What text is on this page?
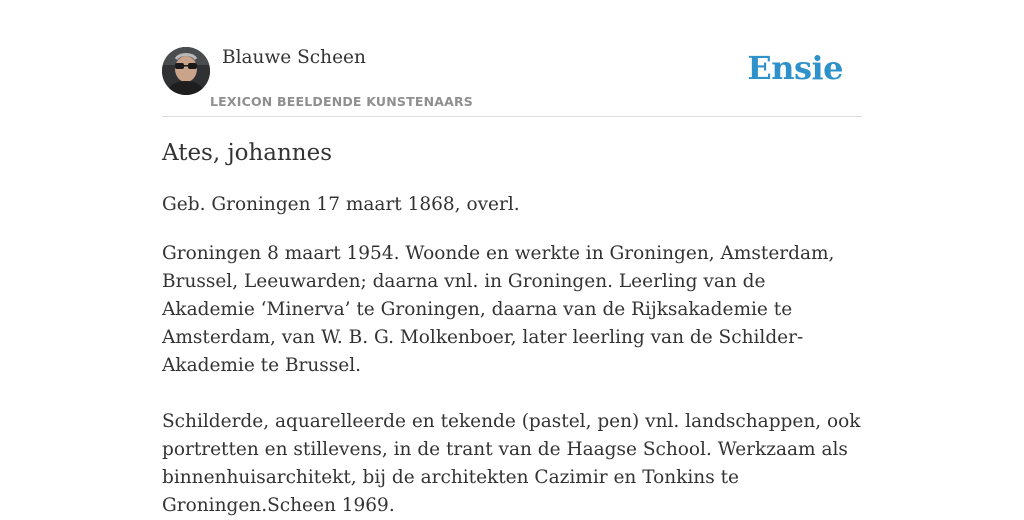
Blauwe Scheen
LEXICON BEELDENDE KUNSTENAARS
Ensie
Ates, johannes

Geb. Groningen 17 maart 1868, overl.

Groningen 8 maart 1954. Woonde en werkte in Groningen, Amsterdam, Brussel, Leeuwarden; daarna vnl. in Groningen. Leerling van de Akademie ‘Minerva’ te Groningen, daarna van de Rijksakademie te Amsterdam, van W. B. G. Molkenboer, later leerling van de Schilder-Akademie te Brussel.

Schilderde, aquarelleerde en tekende (pastel, pen) vnl. landschappen, ook portretten en stillevens, in de trant van de Haagse School. Werkzaam als binnenhuisarchitekt, bij de architekten Cazimir en Tonkins te Groningen.Scheen 1969.
